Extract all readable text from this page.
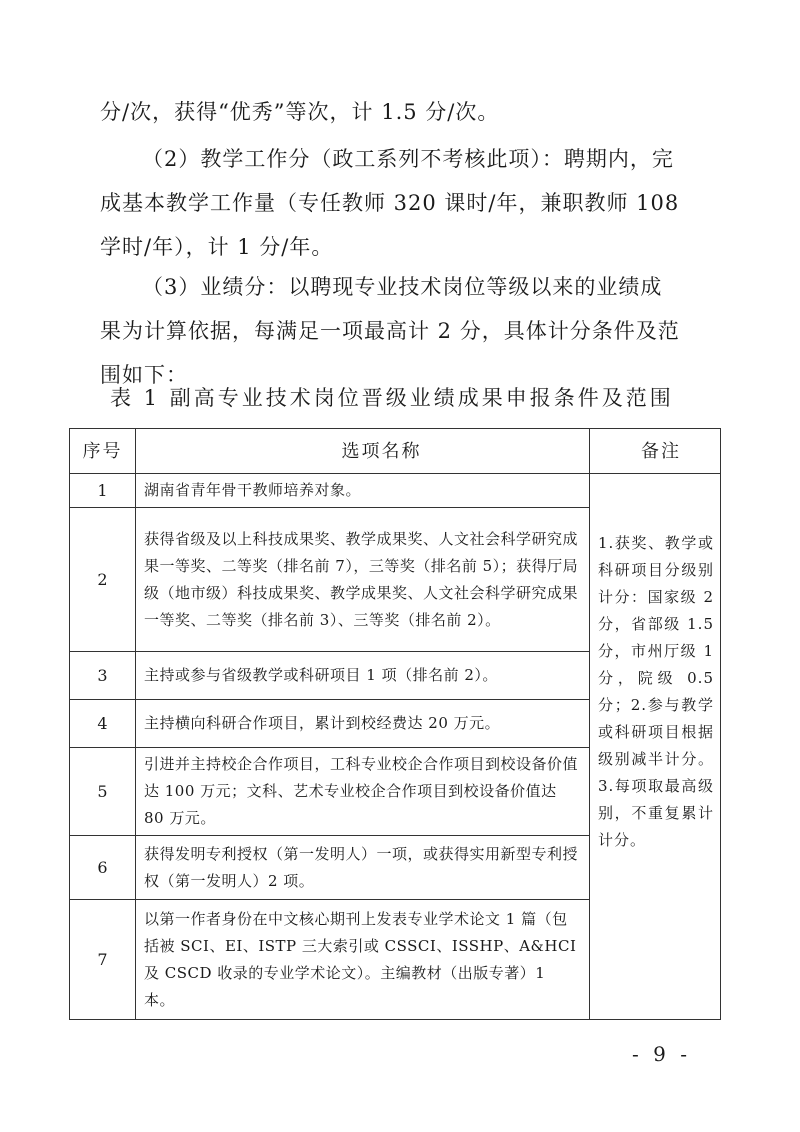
分/次，获得“优秀”等次，计 1.5 分/次。
（2）教学工作分（政工系列不考核此项）：聘期内，完
成基本教学工作量（专任教师 320 课时/年，兼职教师 108
学时/年），计 1 分/年。
（3）业绩分：以聘现专业技术岗位等级以来的业绩成
果为计算依据，每满足一项最高计 2 分，具体计分条件及范
围如下：
表 1 副高专业技术岗位晋级业绩成果申报条件及范围
序号	选项名称	备注
1	湖南省青年骨干教师培养对象。	1.获奖、教学或科研项目分级别计分：国家级 2 分，省部级 1.5 分，市州厅级 1 分，院级 0.5 分；2.参与教学或科研项目根据级别减半计分。3.每项取最高级别，不重复累计计分。
2	获得省级及以上科技成果奖、教学成果奖、人文社会科学研究成果一等奖、二等奖（排名前 7），三等奖（排名前 5）；获得厅局级（地市级）科技成果奖、教学成果奖、人文社会科学研究成果一等奖、二等奖（排名前 3）、三等奖（排名前 2）。	
3	主持或参与省级教学或科研项目 1 项（排名前 2）。	
4	主持横向科研合作项目，累计到校经费达 20 万元。	
5	引进并主持校企合作项目，工科专业校企合作项目到校设备价值达 100 万元；文科、艺术专业校企合作项目到校设备价值达 80 万元。	
6	获得发明专利授权（第一发明人）一项，或获得实用新型专利授权（第一发明人）2 项。	
7	以第一作者身份在中文核心期刊上发表专业学术论文 1 篇（包括被 SCI、EI、ISTP 三大索引或 CSSCI、ISSHP、A&HCI 及 CSCD 收录的专业学术论文）。主编教材（出版专著）1 本。	
- 9 -
